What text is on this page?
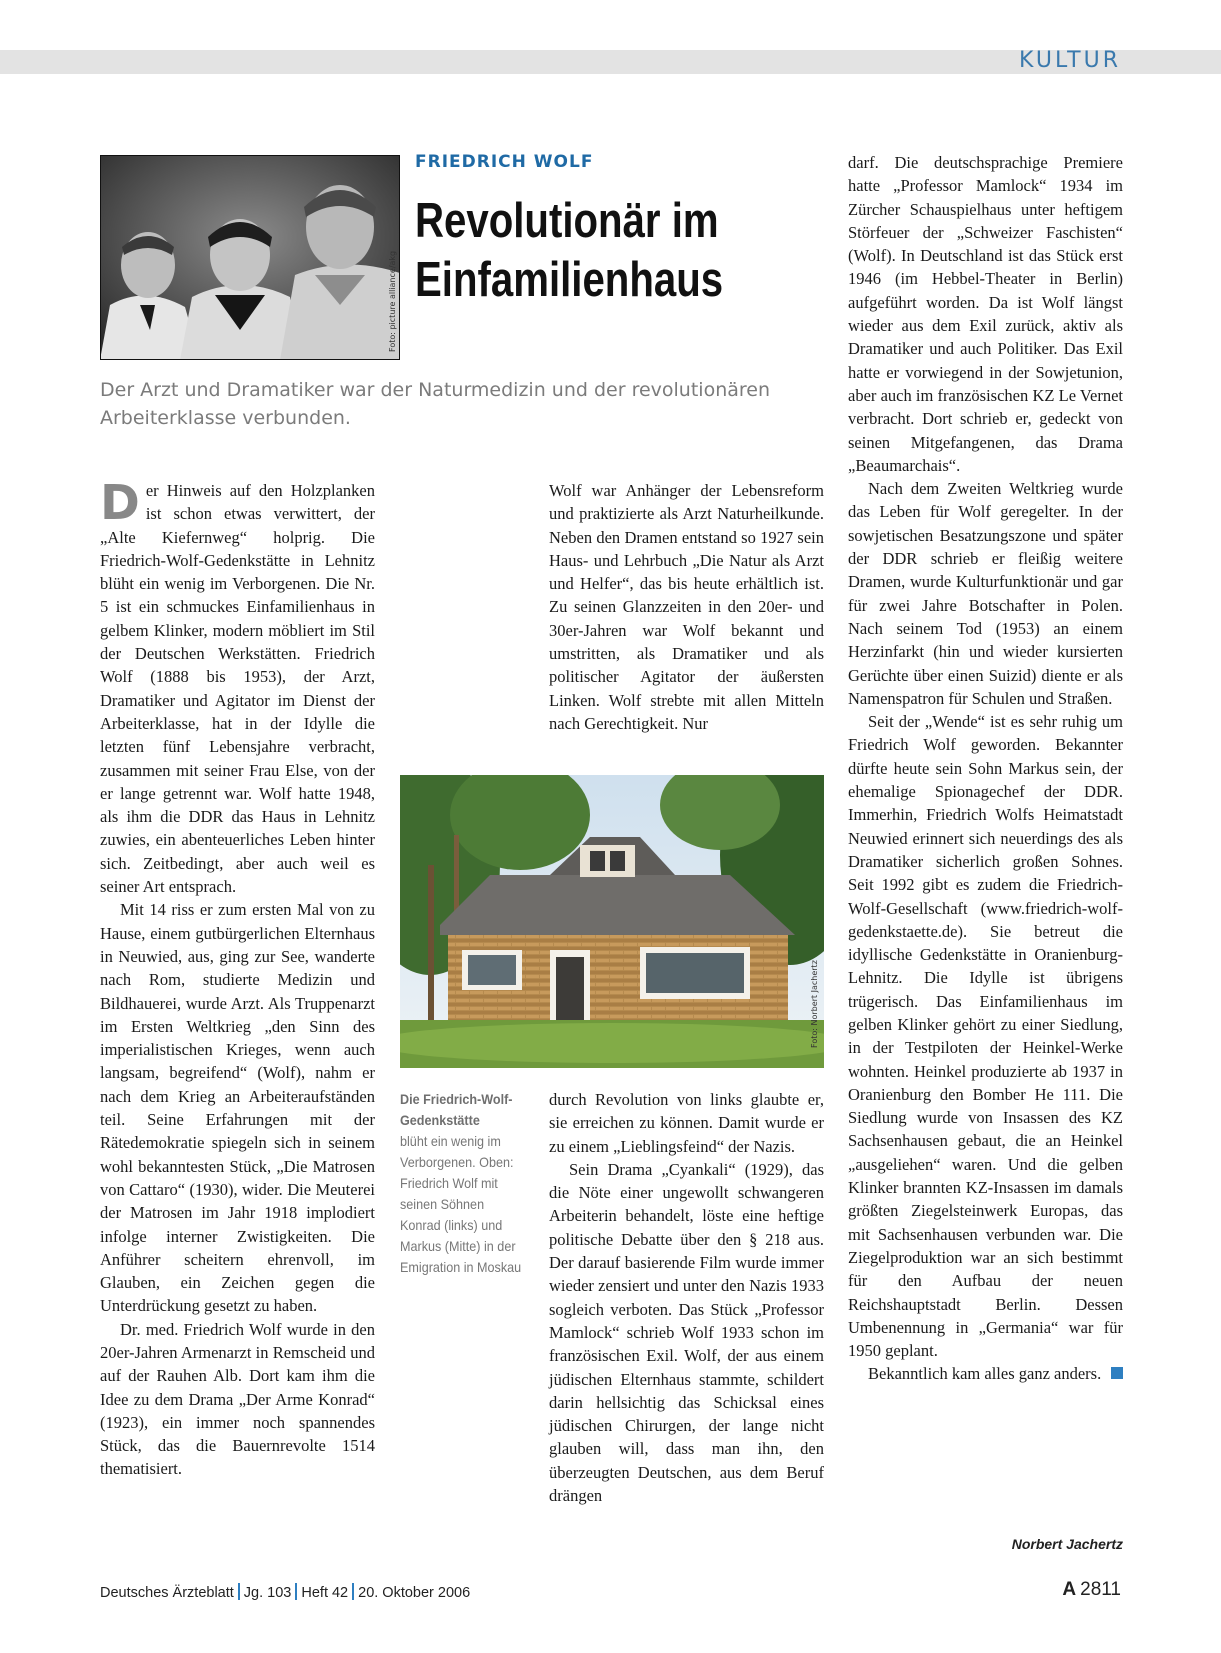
KULTUR
Foto: picture alliance/akg
FRIEDRICH WOLF
Revolutionär im
Einfamilienhaus

Der Arzt und Dramatiker war der Naturmedizin und der revolutionären Arbeiterklasse verbunden.

Der Hinweis auf den Holzplanken ist schon etwas verwittert, der „Alte Kiefernweg“ holprig. Die Friedrich-Wolf-Gedenkstätte in Lehnitz blüht ein wenig im Verborgenen. Die Nr. 5 ist ein schmuckes Einfamilienhaus in gelbem Klinker, modern möbliert im Stil der Deutschen Werkstätten. Friedrich Wolf (1888 bis 1953), der Arzt, Dramatiker und Agitator im Dienst der Arbeiterklasse, hat in der Idylle die letzten fünf Lebensjahre verbracht, zusammen mit seiner Frau Else, von der er lange getrennt war. Wolf hatte 1948, als ihm die DDR das Haus in Lehnitz zuwies, ein abenteuerliches Leben hinter sich. Zeitbedingt, aber auch weil es seiner Art entsprach.

Mit 14 riss er zum ersten Mal von zu Hause, einem gutbürgerlichen Elternhaus in Neuwied, aus, ging zur See, wanderte nach Rom, studierte Medizin und Bildhauerei, wurde Arzt. Als Truppenarzt im Ersten Weltkrieg „den Sinn des imperialistischen Krieges, wenn auch langsam, begreifend“ (Wolf), nahm er nach dem Krieg an Arbeiteraufständen teil. Seine Erfahrungen mit der Rätedemokratie spiegeln sich in seinem wohl bekanntesten Stück, „Die Matrosen von Cattaro“ (1930), wider. Die Meuterei der Matrosen im Jahr 1918 implodiert infolge interner Zwistigkeiten. Die Anführer scheitern ehrenvoll, im Glauben, ein Zeichen gegen die Unterdrückung gesetzt zu haben.

Dr. med. Friedrich Wolf wurde in den 20er-Jahren Armenarzt in Remscheid und auf der Rauhen Alb. Dort kam ihm die Idee zu dem Drama „Der Arme Konrad“ (1923), ein immer noch spannendes Stück, das die Bauernrevolte 1514 thematisiert.

Wolf war Anhänger der Lebensreform und praktizierte als Arzt Naturheilkunde. Neben den Dramen entstand so 1927 sein Haus- und Lehrbuch „Die Natur als Arzt und Helfer“, das bis heute erhältlich ist. Zu seinen Glanzzeiten in den 20er- und 30er-Jahren war Wolf bekannt und umstritten, als Dramatiker und als politischer Agitator der äußersten Linken. Wolf strebte mit allen Mitteln nach Gerechtigkeit. Nur

Foto: Norbert Jachertz
Die Friedrich-Wolf-Gedenkstätte
blüht ein wenig im Verborgenen. Oben: Friedrich Wolf mit seinen Söhnen Konrad (links) und Markus (Mitte) in der Emigration in Moskau

durch Revolution von links glaubte er, sie erreichen zu können. Damit wurde er zu einem „Lieblingsfeind“ der Nazis.

Sein Drama „Cyankali“ (1929), das die Nöte einer ungewollt schwangeren Arbeiterin behandelt, löste eine heftige politische Debatte über den § 218 aus. Der darauf basierende Film wurde immer wieder zensiert und unter den Nazis 1933 sogleich verboten. Das Stück „Professor Mamlock“ schrieb Wolf 1933 schon im französischen Exil. Wolf, der aus einem jüdischen Elternhaus stammte, schildert darin hellsichtig das Schicksal eines jüdischen Chirurgen, der lange nicht glauben will, dass man ihn, den überzeugten Deutschen, aus dem Beruf drängen

darf. Die deutschsprachige Premiere hatte „Professor Mamlock“ 1934 im Zürcher Schauspielhaus unter heftigem Störfeuer der „Schweizer Faschisten“ (Wolf). In Deutschland ist das Stück erst 1946 (im Hebbel-Theater in Berlin) aufgeführt worden. Da ist Wolf längst wieder aus dem Exil zurück, aktiv als Dramatiker und auch Politiker. Das Exil hatte er vorwiegend in der Sowjetunion, aber auch im französischen KZ Le Vernet verbracht. Dort schrieb er, gedeckt von seinen Mitgefangenen, das Drama „Beaumarchais“.

Nach dem Zweiten Weltkrieg wurde das Leben für Wolf geregelter. In der sowjetischen Besatzungszone und später der DDR schrieb er fleißig weitere Dramen, wurde Kulturfunktionär und gar für zwei Jahre Botschafter in Polen. Nach seinem Tod (1953) an einem Herzinfarkt (hin und wieder kursierten Gerüchte über einen Suizid) diente er als Namenspatron für Schulen und Straßen.

Seit der „Wende“ ist es sehr ruhig um Friedrich Wolf geworden. Bekannter dürfte heute sein Sohn Markus sein, der ehemalige Spionagechef der DDR. Immerhin, Friedrich Wolfs Heimatstadt Neuwied erinnert sich neuerdings des als Dramatiker sicherlich großen Sohnes. Seit 1992 gibt es zudem die Friedrich-Wolf-Gesellschaft (www.friedrich-wolf-gedenkstaette.de). Sie betreut die idyllische Gedenkstätte in Oranienburg-Lehnitz. Die Idylle ist übrigens trügerisch. Das Einfamilienhaus im gelben Klinker gehört zu einer Siedlung, in der Testpiloten der Heinkel-Werke wohnten. Heinkel produzierte ab 1937 in Oranienburg den Bomber He 111. Die Siedlung wurde von Insassen des KZ Sachsenhausen gebaut, die an Heinkel „ausgeliehen“ waren. Und die gelben Klinker brannten KZ-Insassen im damals größten Ziegelsteinwerk Europas, das mit Sachsenhausen verbunden war. Die Ziegelproduktion war an sich bestimmt für den Aufbau der neuen Reichshauptstadt Berlin. Dessen Umbenennung in „Germania“ war für 1950 geplant.

Bekanntlich kam alles ganz anders.

Norbert Jachertz
Deutsches Ärzteblatt Jg. 103 Heft 42 20. Oktober 2006	A 2811
